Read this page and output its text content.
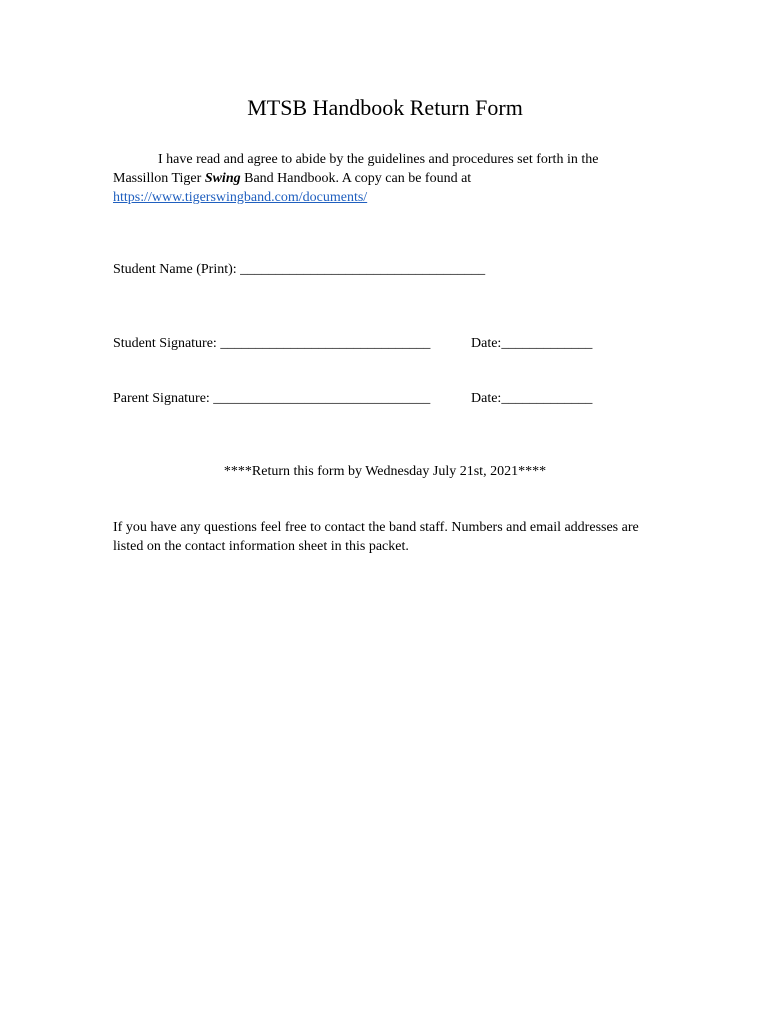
MTSB Handbook Return Form

I have read and agree to abide by the guidelines and procedures set forth in the Massillon Tiger Swing Band Handbook. A copy can be found at https://www.tigerswingband.com/documents/

Student Name (Print): ___________________________________
Student Signature: ______________________________	Date:_____________
Parent Signature: _______________________________	Date:_____________
****Return this form by Wednesday July 21st, 2021****

If you have any questions feel free to contact the band staff. Numbers and email addresses are listed on the contact information sheet in this packet.
